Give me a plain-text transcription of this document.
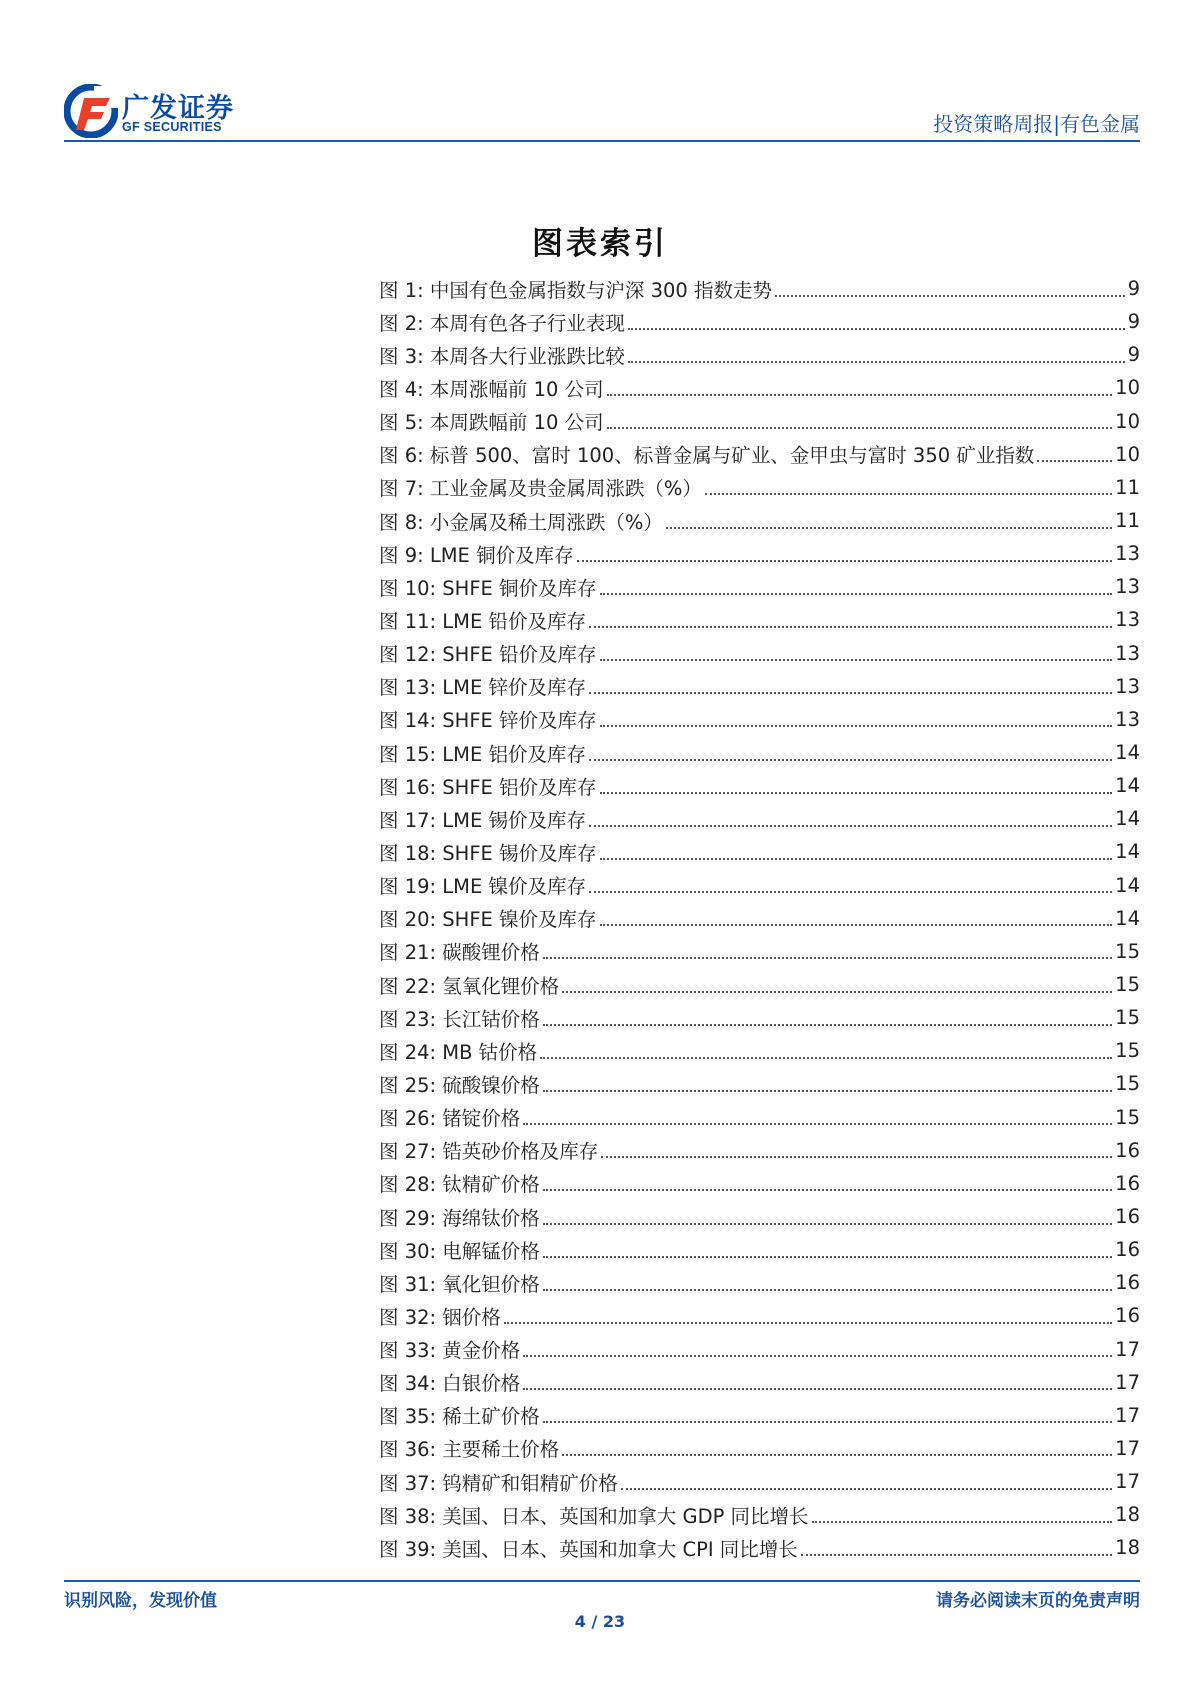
广发证券
GF SECURITIES	投资策略周报|有色金属
图表索引
图 1: 中国有色金属指数与沪深 300 指数走势	9
图 2: 本周有色各子行业表现	9
图 3: 本周各大行业涨跌比较	9
图 4: 本周涨幅前 10 公司	10
图 5: 本周跌幅前 10 公司	10
图 6: 标普 500、富时 100、标普金属与矿业、金甲虫与富时 350 矿业指数	10
图 7: 工业金属及贵金属周涨跌（%）	11
图 8: 小金属及稀土周涨跌（%）	11
图 9: LME 铜价及库存	13
图 10: SHFE 铜价及库存	13
图 11: LME 铅价及库存	13
图 12: SHFE 铅价及库存	13
图 13: LME 锌价及库存	13
图 14: SHFE 锌价及库存	13
图 15: LME 铝价及库存	14
图 16: SHFE 铝价及库存	14
图 17: LME 锡价及库存	14
图 18: SHFE 锡价及库存	14
图 19: LME 镍价及库存	14
图 20: SHFE 镍价及库存	14
图 21: 碳酸锂价格	15
图 22: 氢氧化锂价格	15
图 23: 长江钴价格	15
图 24: MB 钴价格	15
图 25: 硫酸镍价格	15
图 26: 锗锭价格	15
图 27: 锆英砂价格及库存	16
图 28: 钛精矿价格	16
图 29: 海绵钛价格	16
图 30: 电解锰价格	16
图 31: 氧化钽价格	16
图 32: 铟价格	16
图 33: 黄金价格	17
图 34: 白银价格	17
图 35: 稀土矿价格	17
图 36: 主要稀土价格	17
图 37: 钨精矿和钼精矿价格	17
图 38: 美国、日本、英国和加拿大 GDP 同比增长	18
图 39: 美国、日本、英国和加拿大 CPI 同比增长	18
识别风险，发现价值	请务必阅读末页的免责声明
4 / 23
